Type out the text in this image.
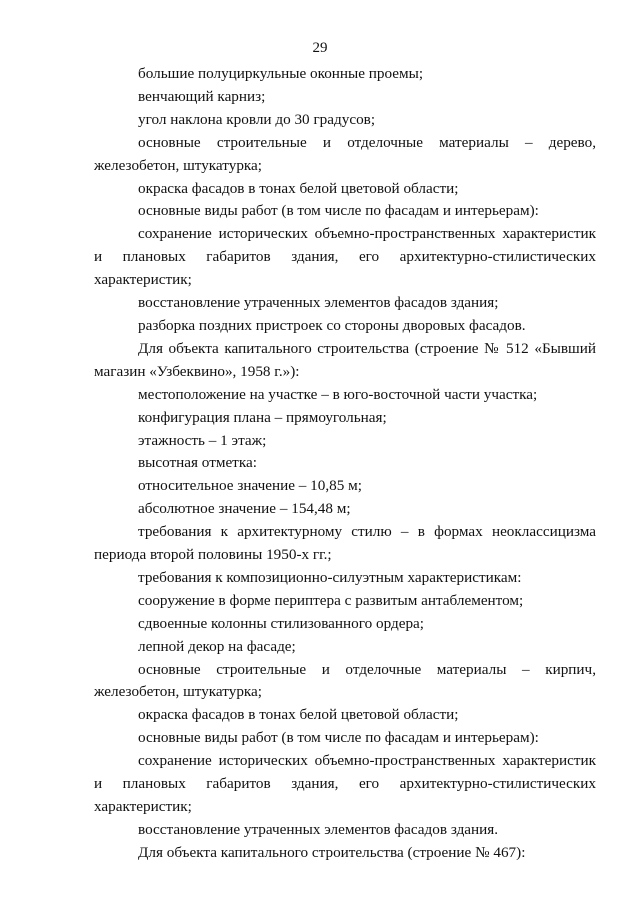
29

большие полуциркульные оконные проемы;

венчающий карниз;

угол наклона кровли до 30 градусов;

основные строительные и отделочные материалы – дерево, железобетон, штукатурка;

окраска фасадов в тонах белой цветовой области;

основные виды работ (в том числе по фасадам и интерьерам):

сохранение исторических объемно-пространственных характеристик и плановых габаритов здания, его архитектурно-стилистических характеристик;

восстановление утраченных элементов фасадов здания;

разборка поздних пристроек со стороны дворовых фасадов.

Для объекта капитального строительства (строение № 512 «Бывший магазин «Узбеквино», 1958 г.»):

местоположение на участке – в юго-восточной части участка;

конфигурация плана – прямоугольная;

этажность – 1 этаж;

высотная отметка:

относительное значение – 10,85 м;

абсолютное значение – 154,48 м;

требования к архитектурному стилю – в формах неоклассицизма периода второй половины 1950-х гг.;

требования к композиционно-силуэтным характеристикам:

сооружение в форме периптера с развитым антаблементом;

сдвоенные колонны стилизованного ордера;

лепной декор на фасаде;

основные строительные и отделочные материалы – кирпич, железобетон, штукатурка;

окраска фасадов в тонах белой цветовой области;

основные виды работ (в том числе по фасадам и интерьерам):

сохранение исторических объемно-пространственных характеристик и плановых габаритов здания, его архитектурно-стилистических характеристик;

восстановление утраченных элементов фасадов здания.

Для объекта капитального строительства (строение № 467):
